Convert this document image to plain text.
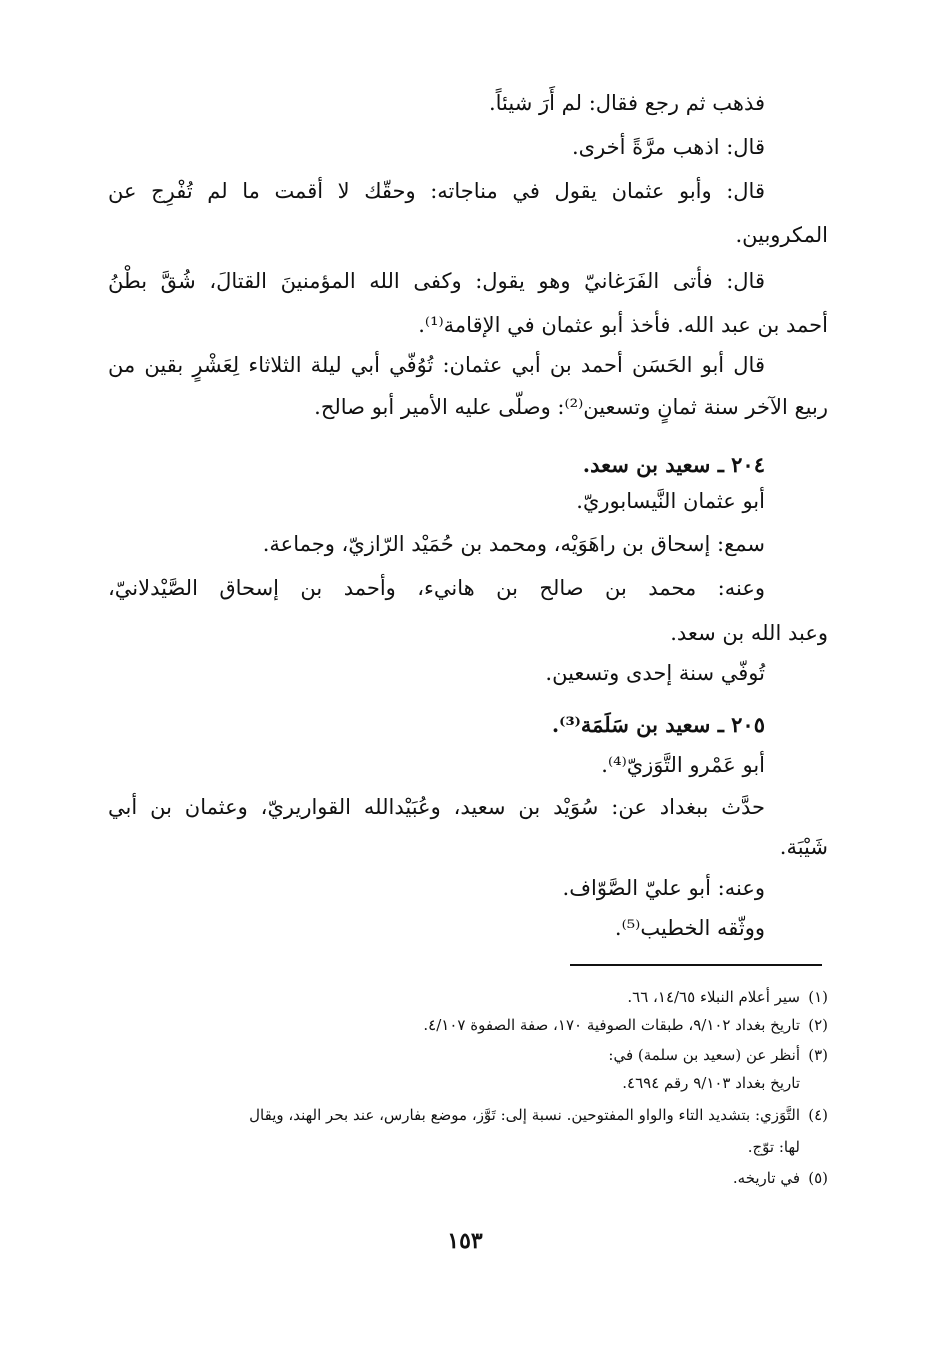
فذهب ثم رجع فقال: لم أَرَ شيئاً.
قال: اذهب مرَّةً أخرى.
قال: وأبو عثمان يقول في مناجاته: وحقّك لا أقمت ما لم تُفْرِج عن
المكروبين.
قال: فأتى الفَرَغانيّ وهو يقول: وكفى الله المؤمنينَ القتالَ، شُقَّ بطْنُ
أحمد بن عبد الله. فأخذ أبو عثمان في الإقامة⁽¹⁾.
قال أبو الحَسَن أحمد بن أبي عثمان: تُوُفّي أبي ليلة الثلاثاء لِعَشْرٍ بقين من
ربيع الآخر سنة ثمانٍ وتسعين⁽²⁾: وصلّى عليه الأمير أبو صالح.
٢٠٤ ـ سعيد بن سعد.
أبو عثمان النَّيسابوريّ.
سمع: إسحاق بن راهَوَيْه، ومحمد بن حُمَيْد الرّازيّ، وجماعة.
وعنه: محمد بن صالح بن هانيء، وأحمد بن إسحاق الصَّيْدلانيّ،
وعبد الله بن سعد.
تُوفّي سنة إحدى وتسعين.
٢٠٥ ـ سعيد بن سَلَمَة⁽³⁾.
أبو عَمْرو التَّوَزيّ⁽⁴⁾.
حدَّث ببغداد عن: سُوَيْد بن سعيد، وعُبَيْدالله القواريريّ، وعثمان بن أبي
شَيْبَة.
وعنه: أبو عليّ الصَّوّاف.
ووثّقه الخطيب⁽⁵⁾.
(١)سير أعلام النبلاء ١٤/٦٥، ٦٦.
(٢)تاريخ بغداد ٩/١٠٢، طبقات الصوفية ١٧٠، صفة الصفوة ٤/١٠٧.
(٣)أنظر عن (سعيد بن سلمة) في:
تاريخ بغداد ٩/١٠٣ رقم ٤٦٩٤.
(٤)التَّوَزي: بتشديد التاء والواو المفتوحين. نسبة إلى: تَوَّز، موضع بفارس، عند بحر الهند، ويقال
لها: توّج.
(٥)في تاريخه.
١٥٣
